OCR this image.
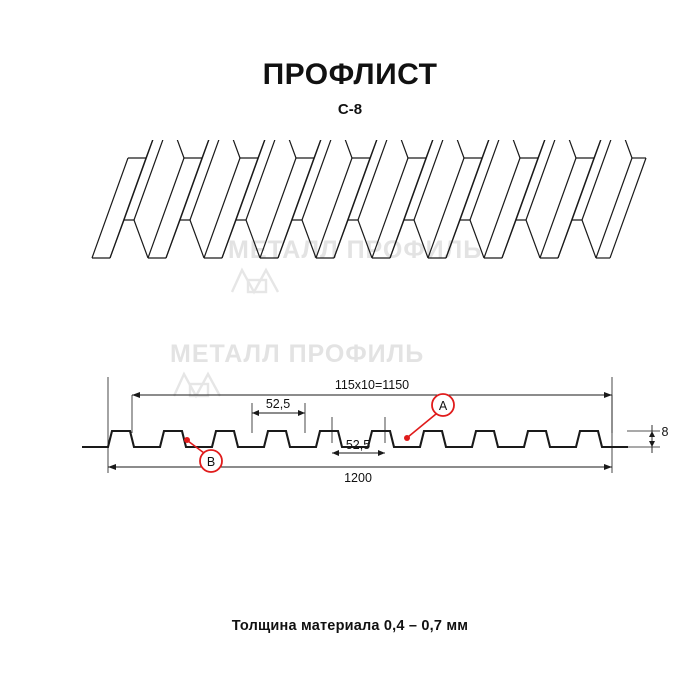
ПРОФЛИСТ
С-8
МЕТАЛЛ ПРОФИЛЬ
МЕТАЛЛ ПРОФИЛЬ
115х10=1150
52,5
52,5
1200
8
A
B
Толщина материала 0,4 – 0,7 мм
